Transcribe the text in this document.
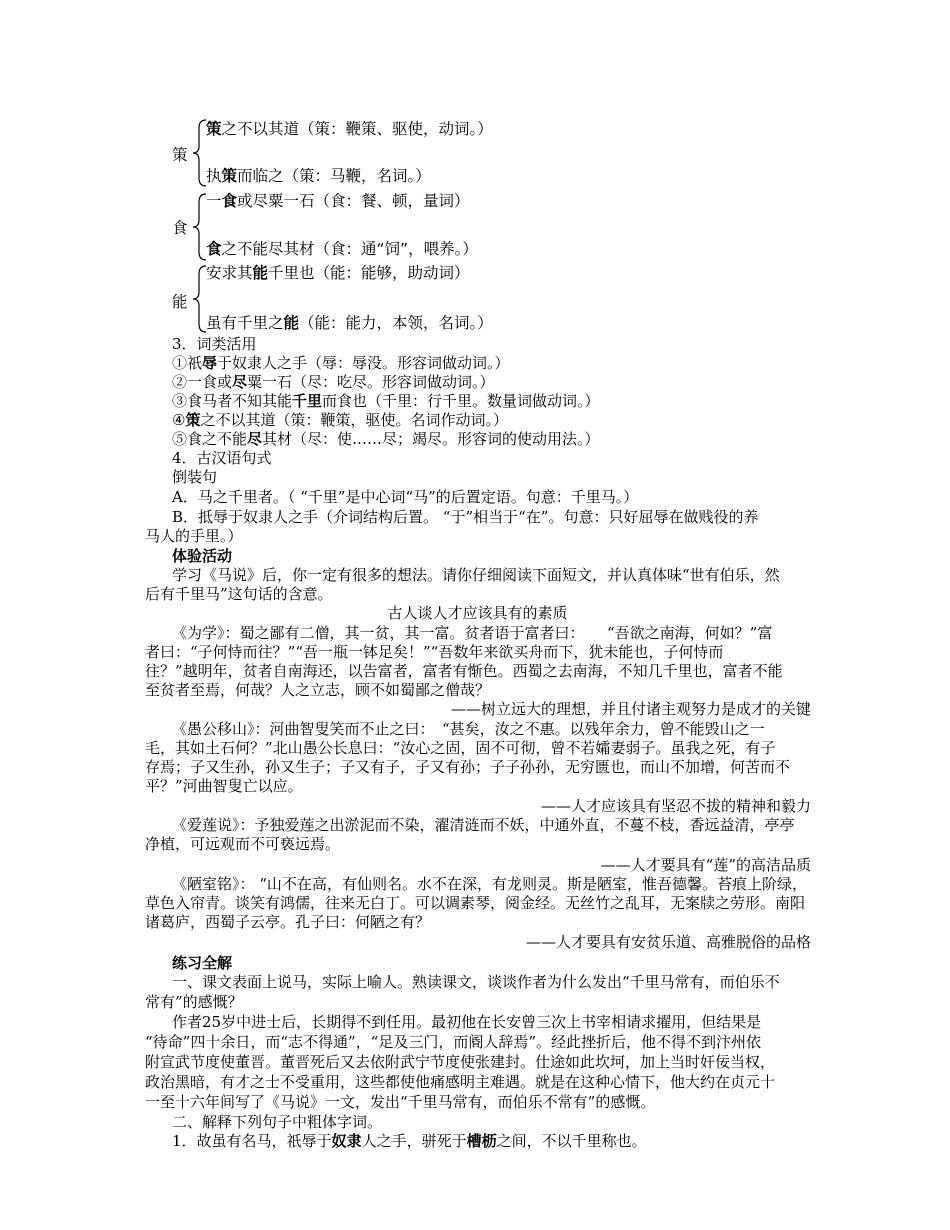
策
策之不以其道（策：鞭策、驱使，动词。）
执策而临之（策：马鞭，名词。）
食
一食或尽粟一石（食：餐、顿，量词）
食之不能尽其材（食：通“饲”，喂养。）
能
安求其能千里也（能：能够，助动词）
虽有千里之能（能：能力，本领，名词。）
3．词类活用
①祇辱于奴隶人之手（辱：辱没。形容词做动词。）
②一食或尽粟一石（尽：吃尽。形容词做动词。）
③食马者不知其能千里而食也（千里：行千里。数量词做动词。）
④策之不以其道（策：鞭策，驱使。名词作动词。）
⑤食之不能尽其材（尽：使……尽；竭尽。形容词的使动用法。）
4．古汉语句式
倒装句
A．马之千里者。（ “千里”是中心词“马”的后置定语。句意：千里马。）
B．抵辱于奴隶人之手（介词结构后置。 “于”相当于“在”。句意：只好屈辱在做贱役的养
马人的手里。）
体验活动
学习《马说》后，你一定有很多的想法。请你仔细阅读下面短文，并认真体味“世有伯乐，然
后有千里马”这句话的含意。
古人谈人才应该具有的素质
《为学》：蜀之鄙有二僧，其一贫，其一富。贫者语于富者曰：　　“吾欲之南海，何如？”富
者曰：“子何恃而往？”“吾一瓶一钵足矣！”“吾数年来欲买舟而下，犹未能也，子何恃而
往？”越明年，贫者自南海还，以告富者，富者有惭色。西蜀之去南海，不知几千里也，富者不能
至贫者至焉，何哉？人之立志，顾不如蜀鄙之僧哉？
——树立远大的理想，并且付诸主观努力是成才的关键
《愚公移山》：河曲智叟笑而不止之曰：　“甚矣，汝之不惠。以残年余力，曾不能毁山之一
毛，其如土石何？”北山愚公长息曰：“汝心之固，固不可彻，曾不若孀妻弱子。虽我之死，有子
存焉；子又生孙，孙又生子；子又有子，子又有孙；子子孙孙，无穷匮也，而山不加增，何苦而不
平？”河曲智叟亡以应。
——人才应该具有坚忍不拔的精神和毅力
《爱莲说》：予独爱莲之出淤泥而不染，濯清涟而不妖，中通外直，不蔓不枝，香远益清，亭亭
净植，可远观而不可亵远焉。
——人才要具有“莲”的高洁品质
《陋室铭》： “山不在高，有仙则名。水不在深，有龙则灵。斯是陋室，惟吾德馨。苔痕上阶绿，
草色入帘青。谈笑有鸿儒，往来无白丁。可以调素琴，阅金经。无丝竹之乱耳，无案牍之劳形。南阳
诸葛庐，西蜀子云亭。孔子曰：何陋之有？
——人才要具有安贫乐道、高雅脱俗的品格
练习全解
一、课文表面上说马，实际上喻人。熟读课文，谈谈作者为什么发出“千里马常有，而伯乐不
常有”的感慨？
作者25岁中进士后，长期得不到任用。最初他在长安曾三次上书宰相请求擢用，但结果是
“待命”四十余日，而“志不得通”，“足及三门，而阍人辞焉”。经此挫折后，他不得不到汴州依
附宣武节度使董晋。董晋死后又去依附武宁节度使张建封。仕途如此坎坷，加上当时奸佞当权，
政治黑暗，有才之士不受重用，这些都使他痛感明主难遇。就是在这种心情下，他大约在贞元十
一至十六年间写了《马说》一文，发出“千里马常有，而伯乐不常有”的感慨。
二、解释下列句子中粗体字词。
1．故虽有名马，祇辱于奴隶人之手，骈死于槽枥之间，不以千里称也。
